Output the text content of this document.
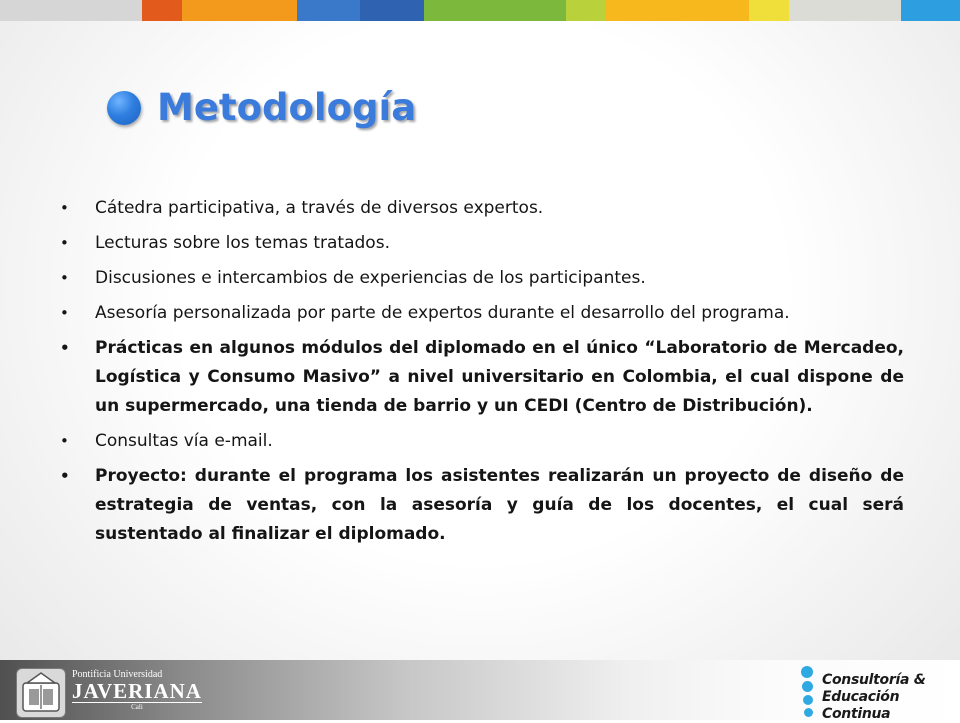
Metodología
• Cátedra participativa, a través de diversos expertos.
• Lecturas sobre los temas tratados.
• Discusiones e intercambios de experiencias de los participantes.
• Asesoría personalizada por parte de expertos durante el desarrollo del programa.
• Prácticas en algunos módulos del diplomado en el único “Laboratorio de Mercadeo, Logística y Consumo Masivo” a nivel universitario en Colombia, el cual dispone de un supermercado, una tienda de barrio y un CEDI (Centro de Distribución).
• Consultas vía e-mail.
• Proyecto: durante el programa los asistentes realizarán un proyecto de diseño de estrategia de ventas, con la asesoría y guía de los docentes, el cual será sustentado al finalizar el diplomado.
Pontificia Universidad
JAVERIANA
Cali
Consultoría &
Educación Continua
